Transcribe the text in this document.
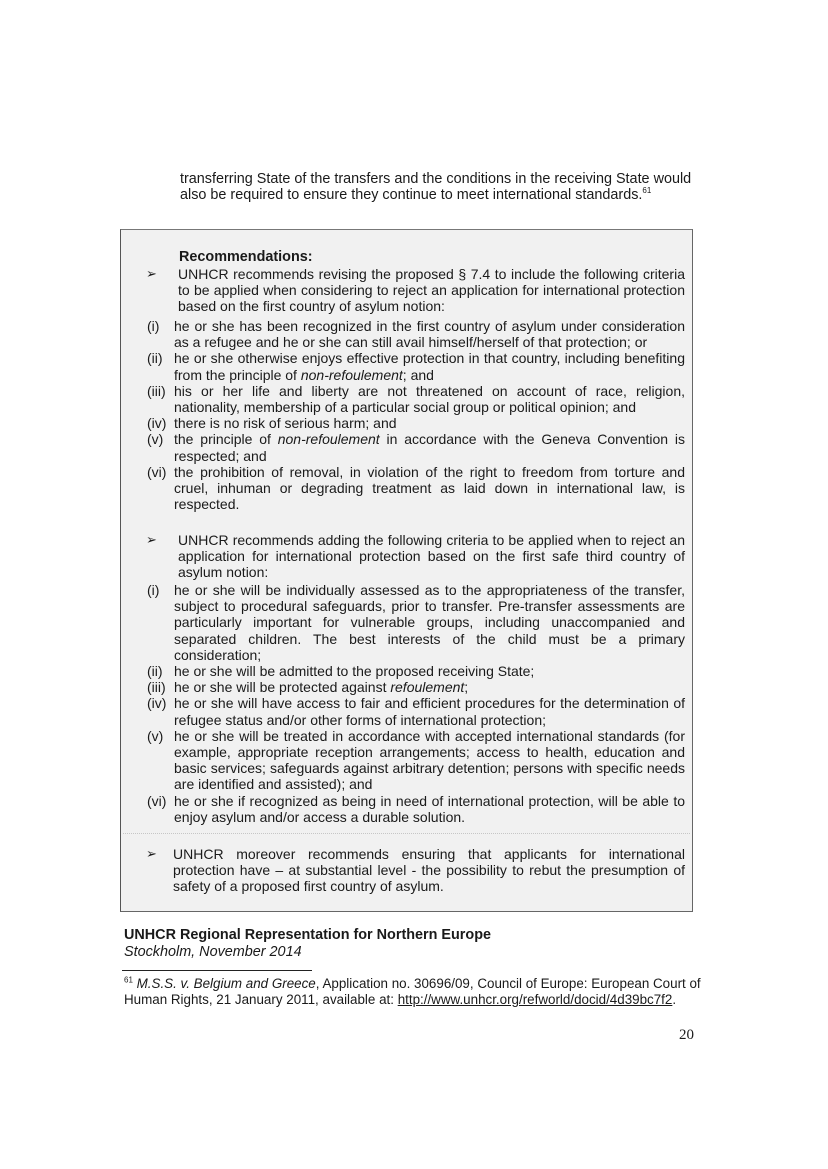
transferring State of the transfers and the conditions in the receiving State would also be required to ensure they continue to meet international standards.$^{61}$

Recommendations:
➢ UNHCR recommends revising the proposed § 7.4 to include the following criteria to be applied when considering to reject an application for international protection based on the first country of asylum notion:
(i)	he or she has been recognized in the first country of asylum under consideration as a refugee and he or she can still avail himself/herself of that protection; or
(ii) he or she otherwise enjoys effective protection in that country, including benefiting from the principle of non-refoulement; and
(iii) his or her life and liberty are not threatened on account of race, religion, nationality, membership of a particular social group or political opinion; and
(iv) there is no risk of serious harm; and
(v) the principle of non-refoulement in accordance with the Geneva Convention is respected; and
(vi) the prohibition of removal, in violation of the right to freedom from torture and cruel, inhuman or degrading treatment as laid down in international law, is respected.
➢ UNHCR recommends adding the following criteria to be applied when to reject an application for international protection based on the first safe third country of asylum notion:
(i)	he or she will be individually assessed as to the appropriateness of the transfer, subject to procedural safeguards, prior to transfer. Pre-transfer assessments are particularly important for vulnerable groups, including unaccompanied and separated children. The best interests of the child must be a primary consideration;
(ii) he or she will be admitted to the proposed receiving State;
(iii) he or she will be protected against refoulement;
(iv) he or she will have access to fair and efficient procedures for the determination of refugee status and/or other forms of international protection;
(v) he or she will be treated in accordance with accepted international standards (for example, appropriate reception arrangements; access to health, education and basic services; safeguards against arbitrary detention; persons with specific needs are identified and assisted); and
(vi) he or she if recognized as being in need of international protection, will be able to enjoy asylum and/or access a durable solution.
➢ UNHCR moreover recommends ensuring that applicants for international protection have – at substantial level - the possibility to rebut the presumption of safety of a proposed first country of asylum.
UNHCR Regional Representation for Northern Europe
Stockholm, November 2014
$^{61}$ M.S.S. v. Belgium and Greece, Application no. 30696/09, Council of Europe: European Court of Human Rights, 21 January 2011, available at: http://www.unhcr.org/refworld/docid/4d39bc7f2.
20
